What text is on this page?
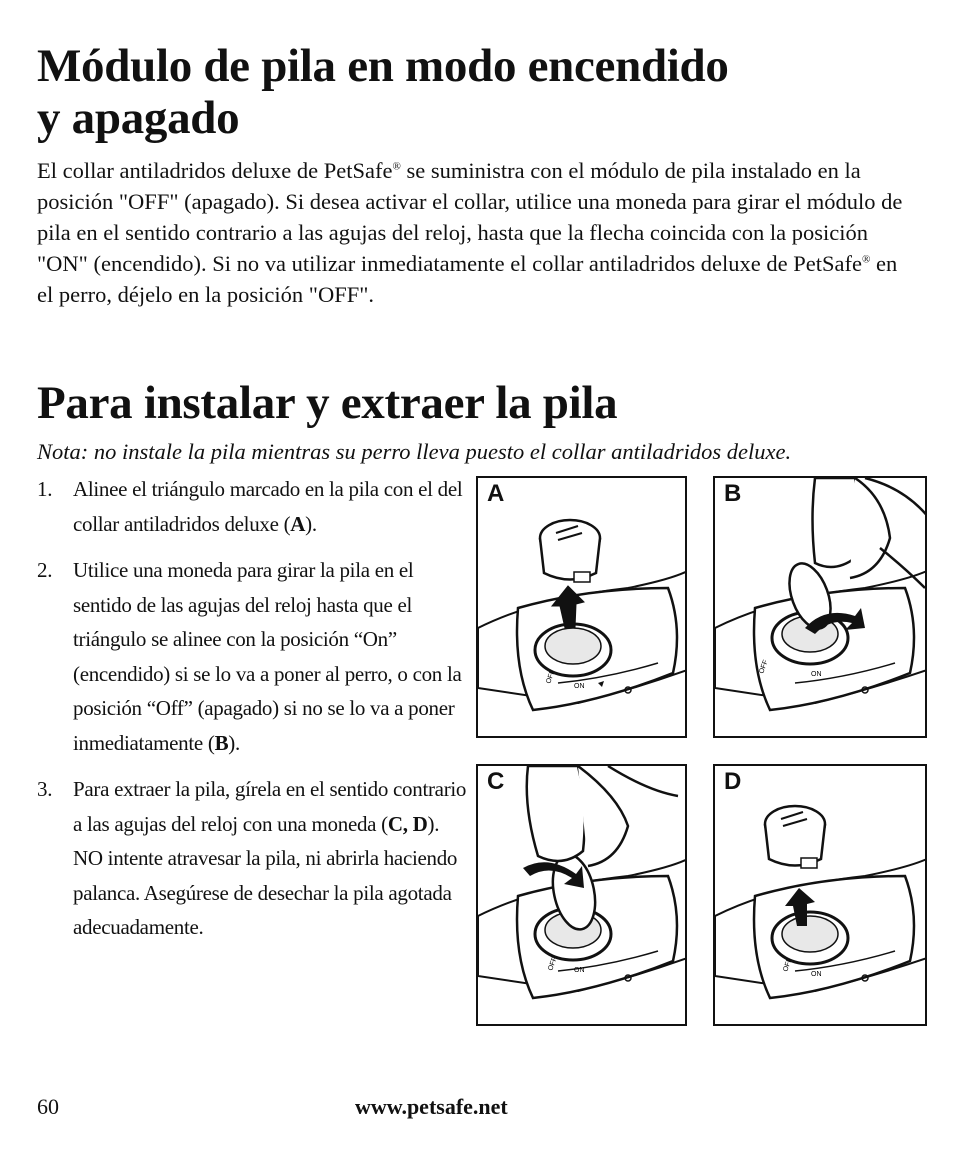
Módulo de pila en modo encendido
y apagado

El collar antiladridos deluxe de PetSafe® se suministra con el módulo de pila instalado en la posición "OFF" (apagado). Si desea activar el collar, utilice una moneda para girar el módulo de pila en el sentido contrario a las agujas del reloj, hasta que la flecha coincida con la posición "ON" (encendido). Si no va utilizar inmediatamente el collar antiladridos deluxe de PetSafe® en el perro, déjelo en la posición "OFF".

Para instalar y extraer la pila

Nota: no instale la pila mientras su perro lleva puesto el collar antiladridos deluxe.

1. Alinee el triángulo marcado en la pila con el del collar antiladridos deluxe (A).
2. Utilice una moneda para girar la pila en el sentido de las agujas del reloj hasta que el triángulo se alinee con la posición “On” (encendido) si se lo va a poner al perro, o con la posición “Off” (apagado) si no se lo va a poner inmediatamente (B).
3. Para extraer la pila, gírela en el sentido contrario a las agujas del reloj con una moneda (C, D). NO intente atravesar la pila, ni abrirla haciendo palanca. Asegúrese de desechar la pila agotada adecuadamente.
A
OFF
ON
B
OFF	ON
C
OFF ON
D
OFF
ON
60	www.petsafe.net
